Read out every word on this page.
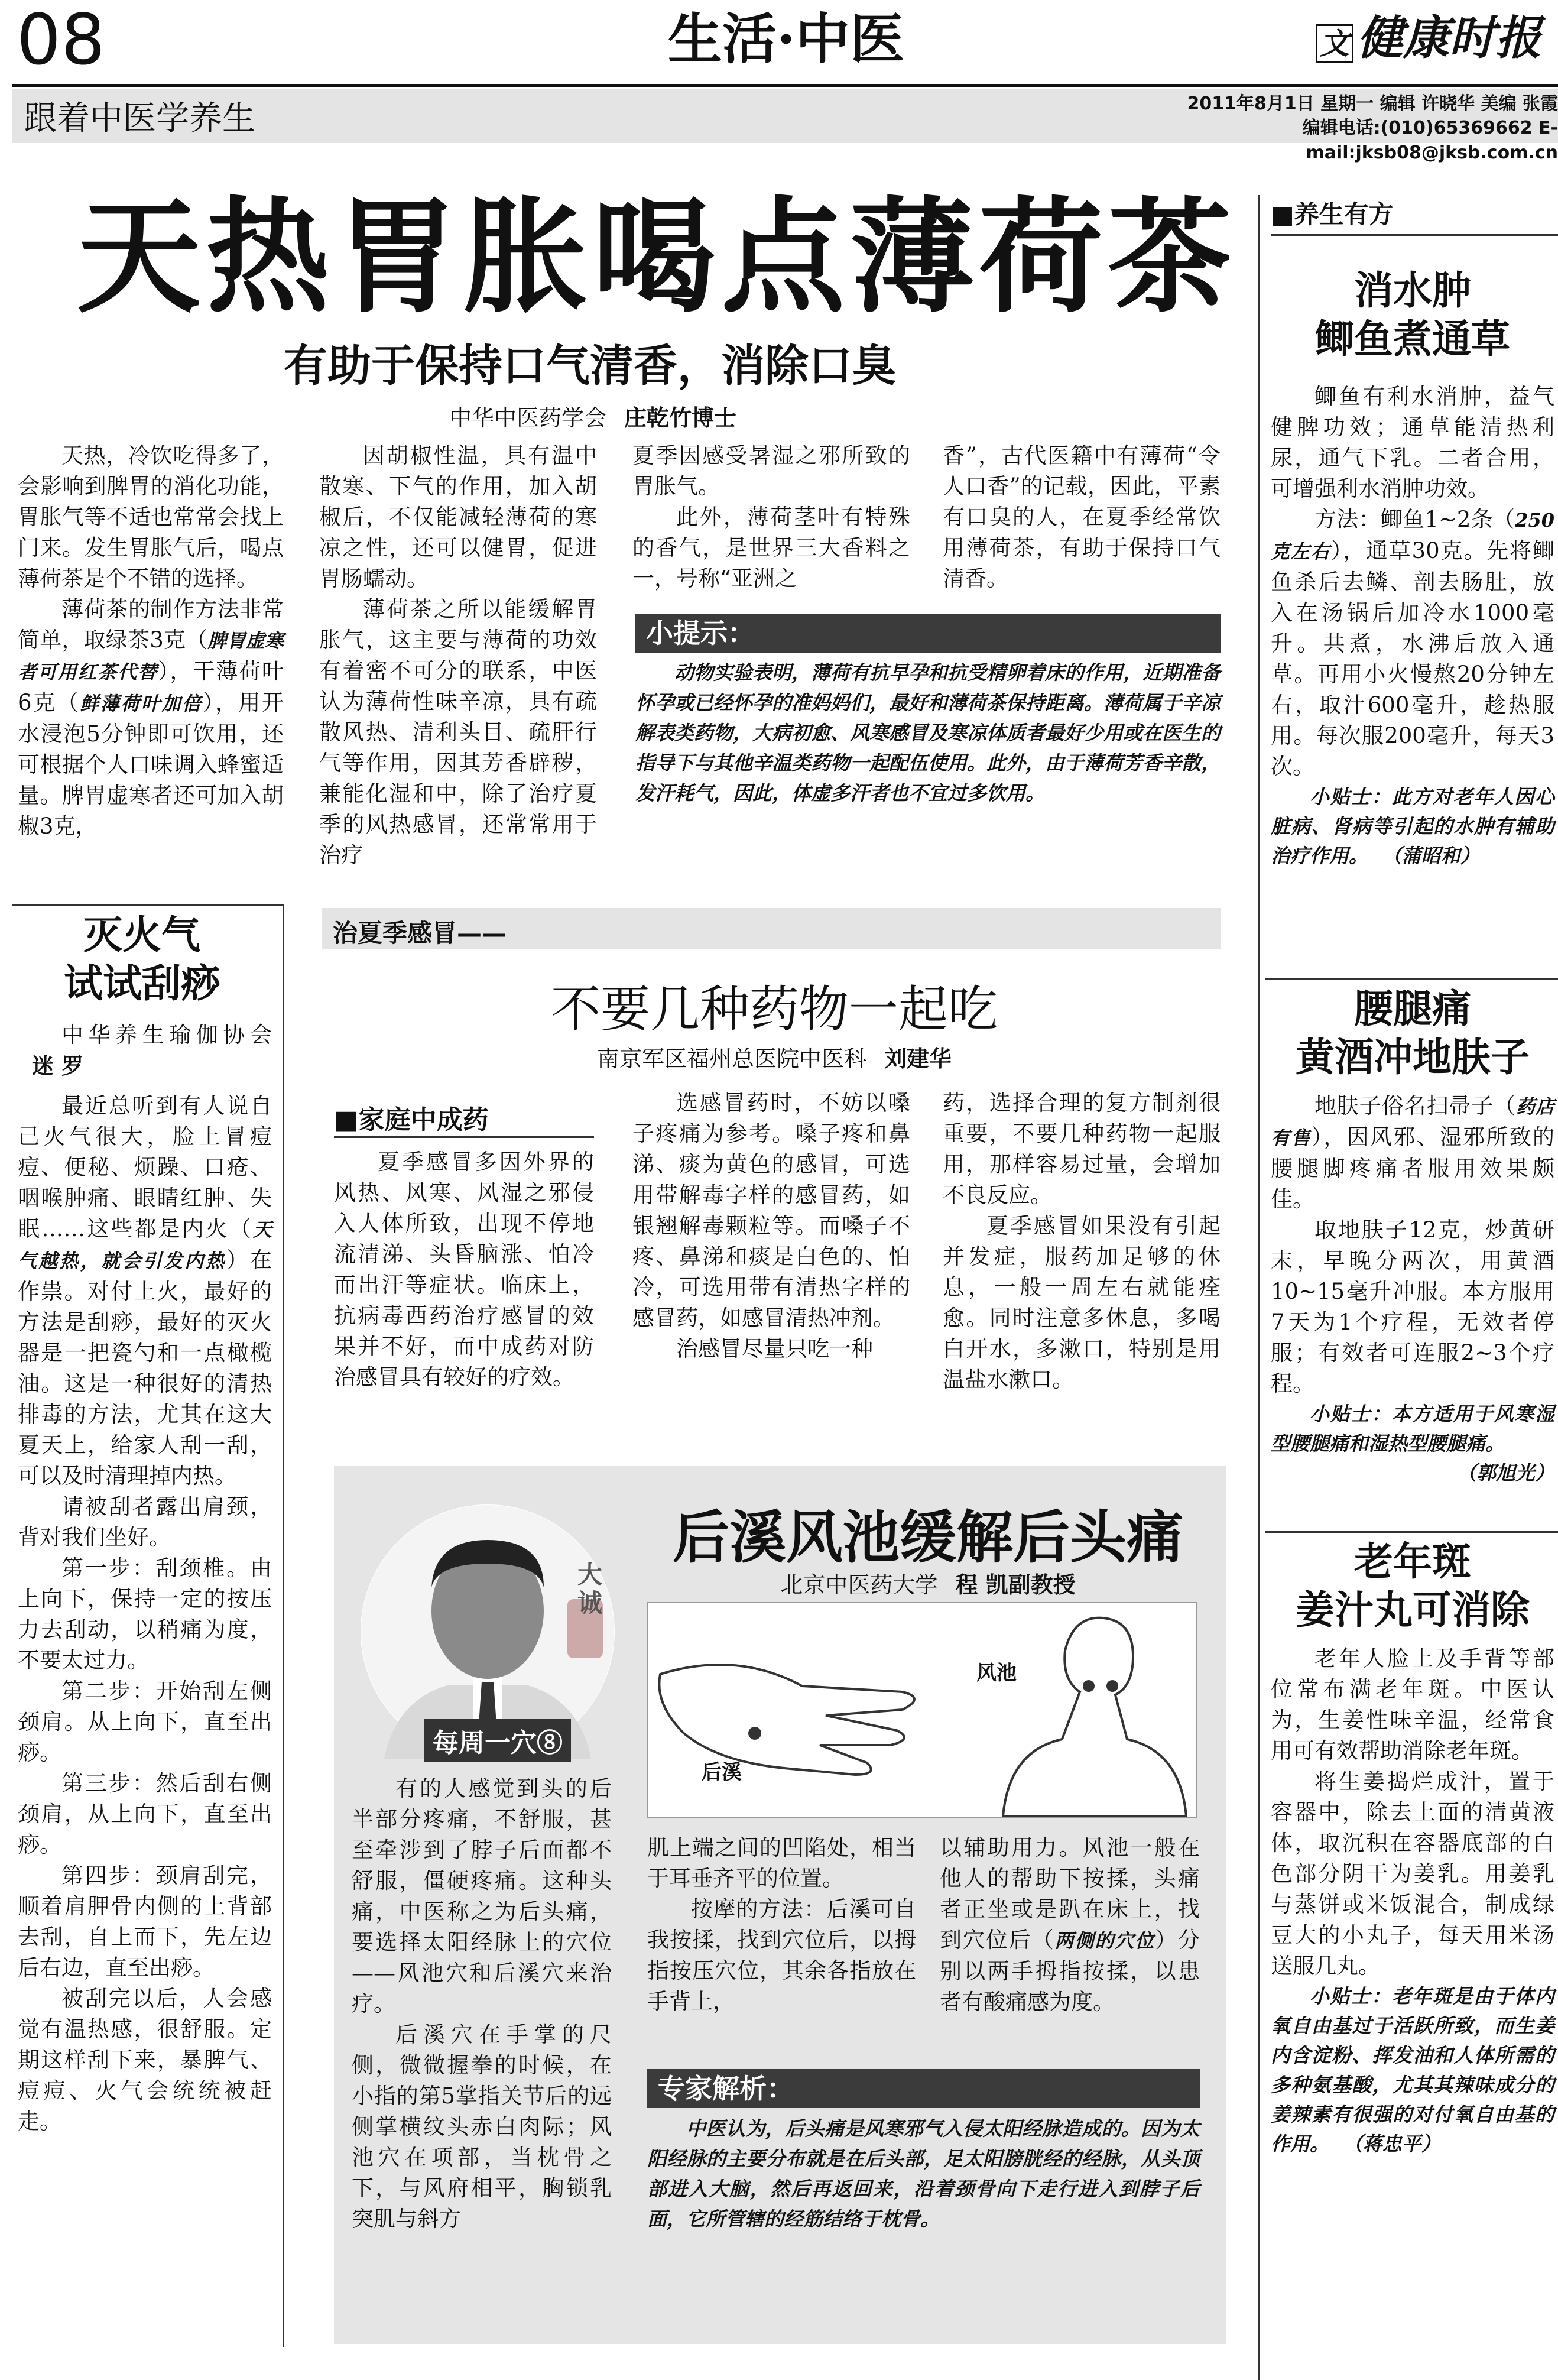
08	生活·中医	文 健康时报
跟着中医学养生	2011年8月1日 星期一 编辑 许晓华 美编 张霞
编辑电话:(010)65369662 E-mail:jksb08@jksb.com.cn
天热胃胀喝点薄荷茶
有助于保持口气清香，消除口臭
中华中医药学会 庄乾竹博士

天热，冷饮吃得多了，会影响到脾胃的消化功能，胃胀气等不适也常常会找上门来。发生胃胀气后，喝点薄荷茶是个不错的选择。

薄荷茶的制作方法非常简单，取绿茶3克（脾胃虚寒者可用红茶代替），干薄荷叶6克（鲜薄荷叶加倍），用开水浸泡5分钟即可饮用，还可根据个人口味调入蜂蜜适量。脾胃虚寒者还可加入胡椒3克，

因胡椒性温，具有温中散寒、下气的作用，加入胡椒后，不仅能减轻薄荷的寒凉之性，还可以健胃，促进胃肠蠕动。

薄荷茶之所以能缓解胃胀气，这主要与薄荷的功效有着密不可分的联系，中医认为薄荷性味辛凉，具有疏散风热、清利头目、疏肝行气等作用，因其芳香辟秽，兼能化湿和中，除了治疗夏季的风热感冒，还常常用于治疗

夏季因感受暑湿之邪所致的胃胀气。

此外，薄荷茎叶有特殊的香气，是世界三大香料之一，号称“亚洲之

香”，古代医籍中有薄荷“令人口香”的记载，因此，平素有口臭的人，在夏季经常饮用薄荷茶，有助于保持口气清香。

小提示：
动物实验表明，薄荷有抗早孕和抗受精卵着床的作用，近期准备怀孕或已经怀孕的准妈妈们，最好和薄荷茶保持距离。薄荷属于辛凉解表类药物，大病初愈、风寒感冒及寒凉体质者最好少用或在医生的指导下与其他辛温类药物一起配伍使用。此外，由于薄荷芳香辛散，发汗耗气，因此，体虚多汗者也不宜过多饮用。
灭火气
试试刮痧
中华养生瑜伽协会迷 罗

最近总听到有人说自己火气很大，脸上冒痘痘、便秘、烦躁、口疮、咽喉肿痛、眼睛红肿、失眠……这些都是内火（天气越热，就会引发内热）在作祟。对付上火，最好的方法是刮痧，最好的灭火器是一把瓷勺和一点橄榄油。这是一种很好的清热排毒的方法，尤其在这大夏天上，给家人刮一刮，可以及时清理掉内热。

请被刮者露出肩颈，背对我们坐好。

第一步：刮颈椎。由上向下，保持一定的按压力去刮动，以稍痛为度，不要太过力。

第二步：开始刮左侧颈肩。从上向下，直至出痧。

第三步：然后刮右侧颈肩，从上向下，直至出痧。

第四步：颈肩刮完，顺着肩胛骨内侧的上背部去刮，自上而下，先左边后右边，直至出痧。

被刮完以后，人会感觉有温热感，很舒服。定期这样刮下来，暴脾气、痘痘、火气会统统被赶走。

治夏季感冒——
不要几种药物一起吃
南京军区福州总医院中医科 刘建华
■家庭中成药
夏季感冒多因外界的风热、风寒、风湿之邪侵入人体所致，出现不停地流清涕、头昏脑涨、怕冷而出汗等症状。临床上，抗病毒西药治疗感冒的效果并不好，而中成药对防治感冒具有较好的疗效。

选感冒药时，不妨以嗓子疼痛为参考。嗓子疼和鼻涕、痰为黄色的感冒，可选用带解毒字样的感冒药，如银翘解毒颗粒等。而嗓子不疼、鼻涕和痰是白色的、怕冷，可选用带有清热字样的感冒药，如感冒清热冲剂。

治感冒尽量只吃一种

药，选择合理的复方制剂很重要，不要几种药物一起服用，那样容易过量，会增加不良反应。

夏季感冒如果没有引起并发症，服药加足够的休息，一般一周左右就能痊愈。同时注意多休息，多喝白开水，多漱口，特别是用温盐水漱口。

大诚
每周一穴⑧
后溪风池缓解后头痛
北京中医药大学 程 凯副教授
后溪
风池

有的人感觉到头的后半部分疼痛，不舒服，甚至牵涉到了脖子后面都不舒服，僵硬疼痛。这种头痛，中医称之为后头痛，要选择太阳经脉上的穴位——风池穴和后溪穴来治疗。

后溪穴在手掌的尺侧，微微握拳的时候，在小指的第5掌指关节后的远侧掌横纹头赤白肉际；风池穴在项部，当枕骨之下，与风府相平，胸锁乳突肌与斜方

肌上端之间的凹陷处，相当于耳垂齐平的位置。

按摩的方法：后溪可自我按揉，找到穴位后，以拇指按压穴位，其余各指放在手背上，

以辅助用力。风池一般在他人的帮助下按揉，头痛者正坐或是趴在床上，找到穴位后（两侧的穴位）分别以两手拇指按揉，以患者有酸痛感为度。

专家解析：
中医认为，后头痛是风寒邪气入侵太阳经脉造成的。因为太阳经脉的主要分布就是在后头部，足太阳膀胱经的经脉，从头顶部进入大脑，然后再返回来，沿着颈骨向下走行进入到脖子后面，它所管辖的经筋结络于枕骨。
■养生有方
消水肿
鲫鱼煮通草

鲫鱼有利水消肿，益气健脾功效；通草能清热利尿，通气下乳。二者合用，可增强利水消肿功效。

方法：鲫鱼1~2条（250克左右），通草30克。先将鲫鱼杀后去鳞、剖去肠肚，放入在汤锅后加冷水1000毫升。共煮，水沸后放入通草。再用小火慢熬20分钟左右，取汁600毫升，趁热服用。每次服200毫升，每天3次。

小贴士：此方对老年人因心脏病、肾病等引起的水肿有辅助治疗作用。 （蒲昭和）

腰腿痛
黄酒冲地肤子

地肤子俗名扫帚子（药店有售），因风邪、湿邪所致的腰腿脚疼痛者服用效果颇佳。

取地肤子12克，炒黄研末，早晚分两次，用黄酒10~15毫升冲服。本方服用7天为1个疗程，无效者停服；有效者可连服2~3个疗程。

小贴士：本方适用于风寒湿型腰腿痛和湿热型腰腿痛。

（郭旭光）

老年斑
姜汁丸可消除

老年人脸上及手背等部位常布满老年斑。中医认为，生姜性味辛温，经常食用可有效帮助消除老年斑。

将生姜捣烂成汁，置于容器中，除去上面的清黄液体，取沉积在容器底部的白色部分阴干为姜乳。用姜乳与蒸饼或米饭混合，制成绿豆大的小丸子，每天用米汤送服几丸。

小贴士：老年斑是由于体内氧自由基过于活跃所致，而生姜内含淀粉、挥发油和人体所需的多种氨基酸，尤其其辣味成分的姜辣素有很强的对付氧自由基的作用。 （蒋忠平）
